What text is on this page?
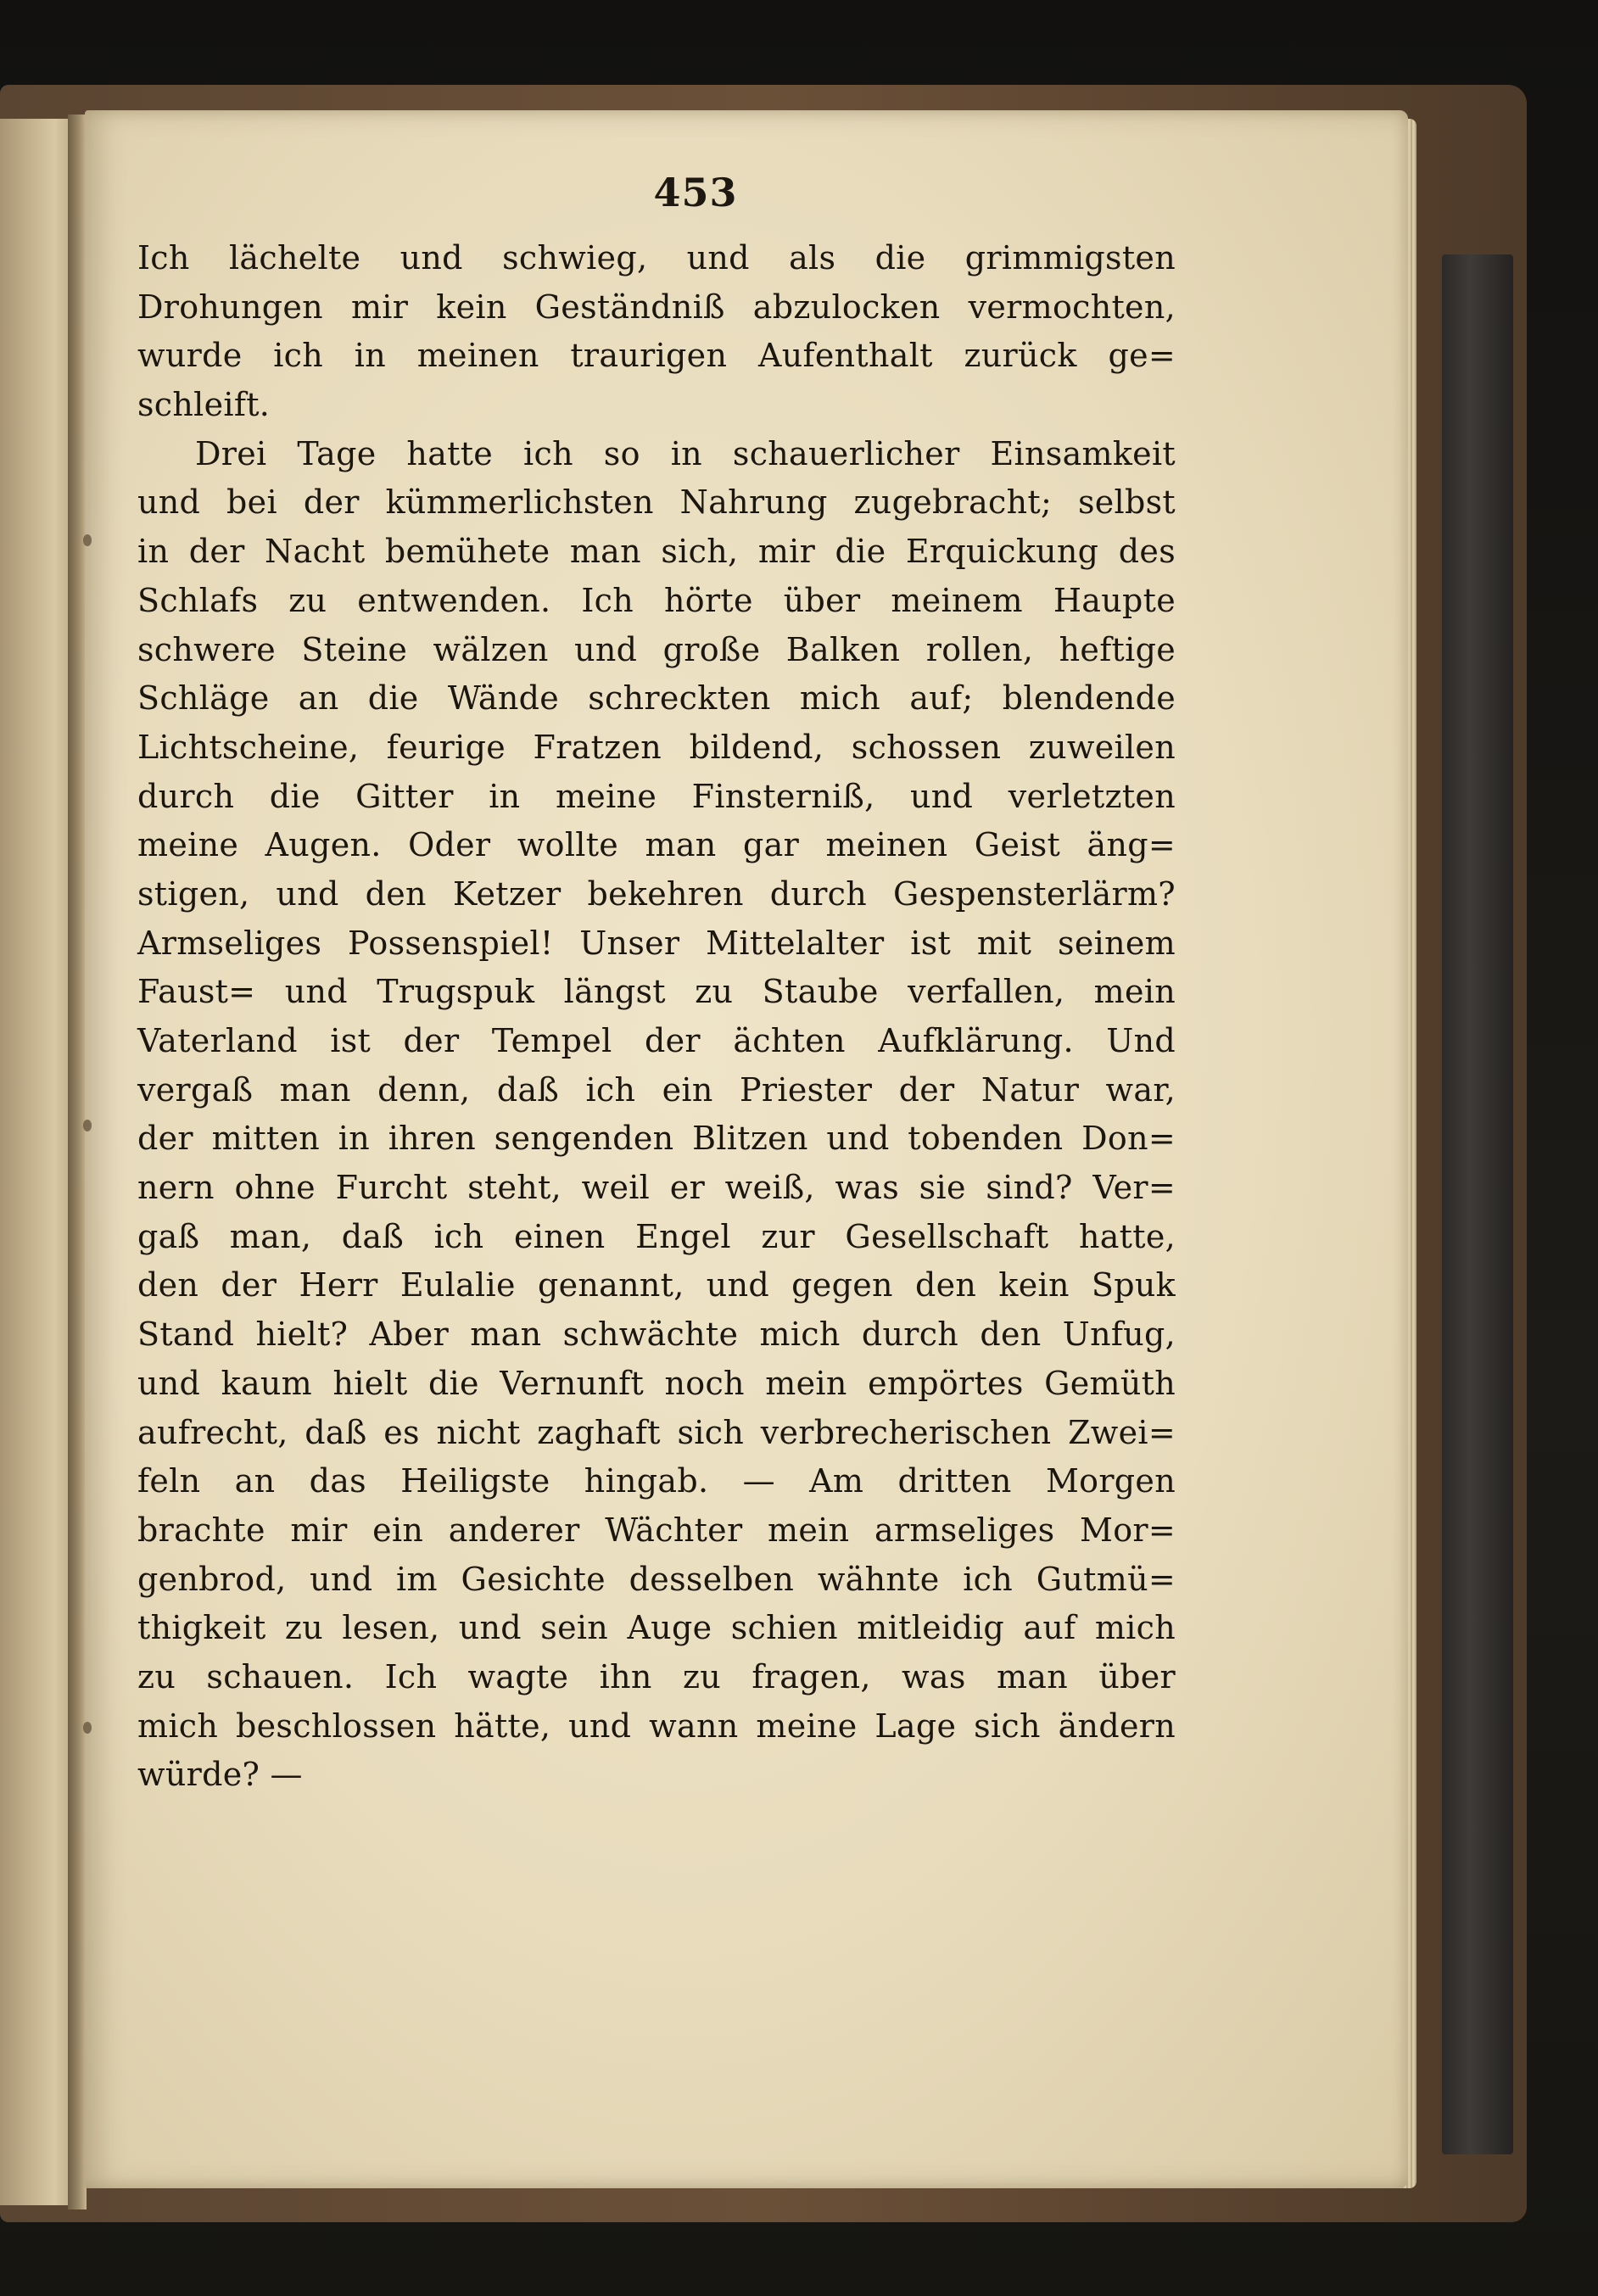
453
Ich lächelte und schwieg, und als die grimmigsten
Drohungen mir kein Geständniß abzulocken vermochten,
wurde ich in meinen traurigen Aufenthalt zurück ge=
schleift.
Drei Tage hatte ich so in schauerlicher Einsamkeit
und bei der kümmerlichsten Nahrung zugebracht; selbst
in der Nacht bemühete man sich, mir die Erquickung des
Schlafs zu entwenden. Ich hörte über meinem Haupte
schwere Steine wälzen und große Balken rollen, heftige
Schläge an die Wände schreckten mich auf; blendende
Lichtscheine, feurige Fratzen bildend, schossen zuweilen
durch die Gitter in meine Finsterniß, und verletzten
meine Augen. Oder wollte man gar meinen Geist äng=
stigen, und den Ketzer bekehren durch Gespensterlärm?
Armseliges Possenspiel! Unser Mittelalter ist mit seinem
Faust= und Trugspuk längst zu Staube verfallen, mein
Vaterland ist der Tempel der ächten Aufklärung. Und
vergaß man denn, daß ich ein Priester der Natur war,
der mitten in ihren sengenden Blitzen und tobenden Don=
nern ohne Furcht steht, weil er weiß, was sie sind? Ver=
gaß man, daß ich einen Engel zur Gesellschaft hatte,
den der Herr Eulalie genannt, und gegen den kein Spuk
Stand hielt? Aber man schwächte mich durch den Unfug,
und kaum hielt die Vernunft noch mein empörtes Gemüth
aufrecht, daß es nicht zaghaft sich verbrecherischen Zwei=
feln an das Heiligste hingab. — Am dritten Morgen
brachte mir ein anderer Wächter mein armseliges Mor=
genbrod, und im Gesichte desselben wähnte ich Gutmü=
thigkeit zu lesen, und sein Auge schien mitleidig auf mich
zu schauen. Ich wagte ihn zu fragen, was man über
mich beschlossen hätte, und wann meine Lage sich ändern
würde? —
